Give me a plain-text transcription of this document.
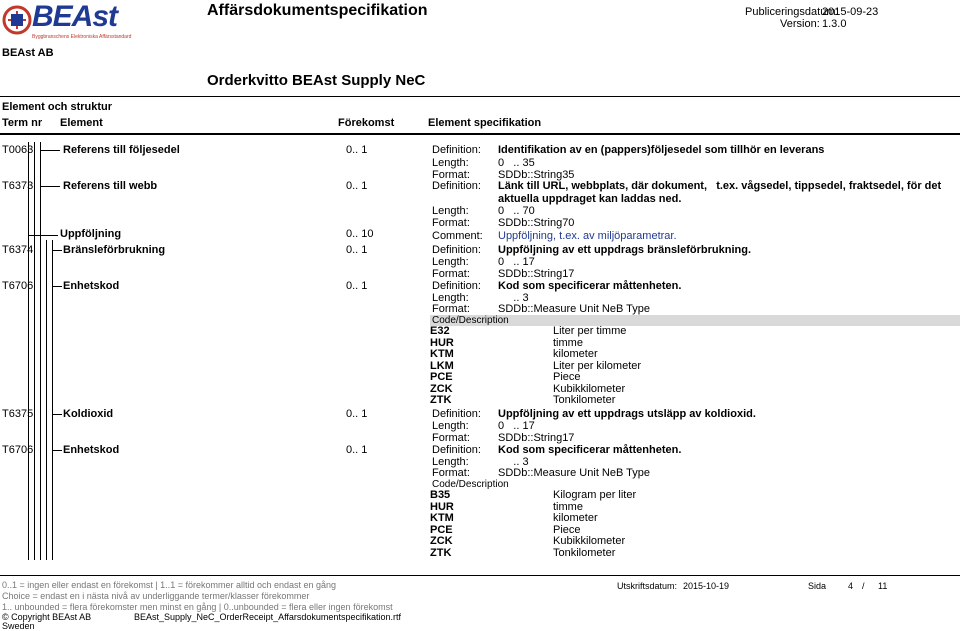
BEAst
Byggbranschens Elektroniska Affärsstandard
BEAst AB
Affärsdokumentspecifikation	Publiceringsdatum:
2015-09-23
Version: 1.3.0
Orderkvitto BEAst Supply NeC
Element och struktur
Term nr Element	Förekomst	Element specifikation
T0063	Referens till följesedel	0.. 1	Definition: Identifikation av en (pappers)följesedel som tillhör en leverans
Length:	0   .. 35
Format:	SDDb::String35
T6373	Referens till webb	0.. 1	Definition: Länk till URL, webbplats, där dokument,   t.ex. vågsedel, tippsedel, fraktsedel, för det
aktuella uppdraget kan laddas ned.
Length:	0   .. 70
Format:	SDDb::String70
Uppföljning	0.. 10	Comment: Uppföljning, t.ex. av miljöparametrar.
T6374	Bränsleförbrukning	0.. 1	Definition: Uppföljning av ett uppdrags bränsleförbrukning.
Length:	0   .. 17
Format:	SDDb::String17
T6706	Enhetskod	0.. 1	Definition: Kod som specificerar måttenheten.
Length:	.. 3
Format:	SDDb::Measure Unit NeB Type
Code/Description
E32	Liter per timme
HUR	timme
KTM	kilometer
LKM	Liter per kilometer
PCE	Piece
ZCK	Kubikkilometer
ZTK	Tonkilometer
T6375	Koldioxid	0.. 1	Definition: Uppföljning av ett uppdrags utsläpp av koldioxid.
Length:	0   .. 17
Format:	SDDb::String17
T6706	Enhetskod	0.. 1	Definition: Kod som specificerar måttenheten.
Length:	.. 3
Format:	SDDb::Measure Unit NeB Type
Code/Description
B35	Kilogram per liter
HUR	timme
KTM	kilometer
PCE	Piece
ZCK	Kubikkilometer
ZTK	Tonkilometer
0..1 = ingen eller endast en förekomst | 1..1 = förekommer alltid och endast en gång
Choice = endast en i nästa nivå av underliggande termer/klasser förekommer
1.. unbounded = flera förekomster men minst en gång | 0..unbounded = flera eller ingen förekomst
© Copyright BEAst AB	BEAst_Supply_NeC_OrderReceipt_Affarsdokumentspecifikation.rtf
Sweden
Utskriftsdatum: 2015-10-19	Sida 4 / 11
